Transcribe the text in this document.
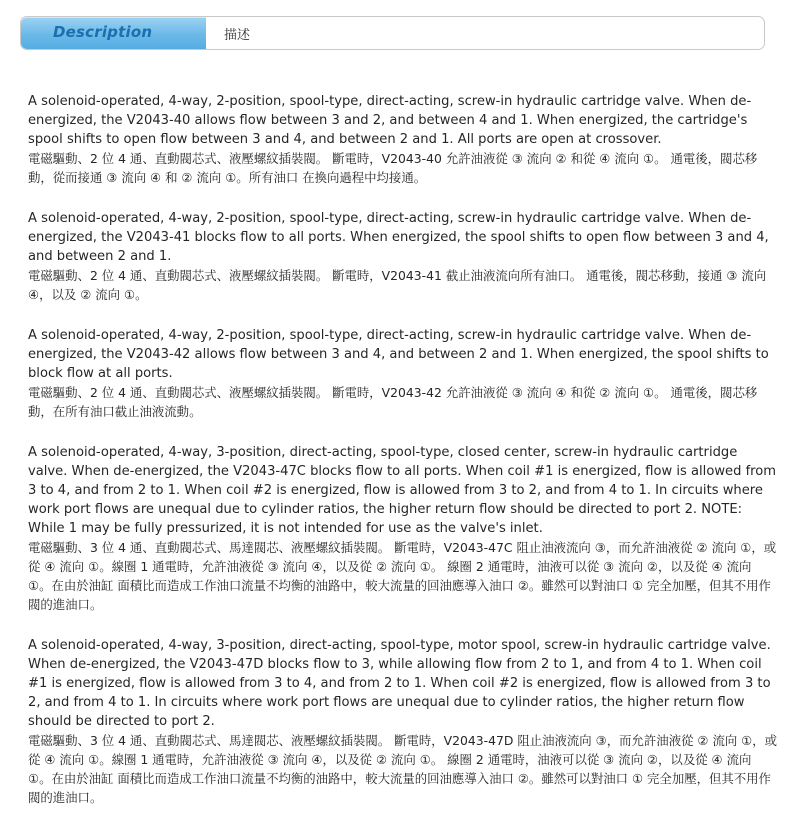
Description	描述

A solenoid-operated, 4-way, 2-position, spool-type, direct-acting, screw-in hydraulic cartridge valve. When de-energized, the V2043-40 allows flow between 3 and 2, and between 4 and 1. When energized, the cartridge's spool shifts to open flow between 3 and 4, and between 2 and 1. All ports are open at crossover.

電磁驅動、2 位 4 通、直動閥芯式、液壓螺紋插裝閥。 斷電時，V2043-40 允許油液從 ③ 流向 ② 和從 ④ 流向 ①。 通電後，閥芯移動，從而接通 ③ 流向 ④ 和 ② 流向 ①。所有油口 在換向過程中均接通。

A solenoid-operated, 4-way, 2-position, spool-type, direct-acting, screw-in hydraulic cartridge valve. When de-energized, the V2043-41 blocks flow to all ports. When energized, the spool shifts to open flow between 3 and 4, and between 2 and 1.

電磁驅動、2 位 4 通、直動閥芯式、液壓螺紋插裝閥。 斷電時，V2043-41 截止油液流向所有油口。 通電後，閥芯移動，接通 ③ 流向 ④，以及 ② 流向 ①。

A solenoid-operated, 4-way, 2-position, spool-type, direct-acting, screw-in hydraulic cartridge valve. When de-energized, the V2043-42 allows flow between 3 and 4, and between 2 and 1. When energized, the spool shifts to block flow at all ports.

電磁驅動、2 位 4 通、直動閥芯式、液壓螺紋插裝閥。 斷電時，V2043-42 允許油液從 ③ 流向 ④ 和從 ② 流向 ①。 通電後，閥芯移動，在所有油口截止油液流動。

A solenoid-operated, 4-way, 3-position, direct-acting, spool-type, closed center, screw-in hydraulic cartridge valve. When de-energized, the V2043-47C blocks flow to all ports. When coil #1 is energized, flow is allowed from 3 to 4, and from 2 to 1. When coil #2 is energized, flow is allowed from 3 to 2, and from 4 to 1. In circuits where work port flows are unequal due to cylinder ratios, the higher return flow should be directed to port 2. NOTE: While 1 may be fully pressurized, it is not intended for use as the valve's inlet.

電磁驅動、3 位 4 通、直動閥芯式、馬達閥芯、液壓螺紋插裝閥。 斷電時，V2043-47C 阻止油液流向 ③，而允許油液從 ② 流向 ①，或從 ④ 流向 ①。線圈 1 通電時，允許油液從 ③ 流向 ④，以及從 ② 流向 ①。 線圈 2 通電時，油液可以從 ③ 流向 ②，以及從 ④ 流向 ①。在由於油缸 面積比而造成工作油口流量不均衡的油路中，較大流量的回油應導入油口 ②。雖然可以對油口 ① 完全加壓，但其不用作閥的進油口。

A solenoid-operated, 4-way, 3-position, direct-acting, spool-type, motor spool, screw-in hydraulic cartridge valve. When de-energized, the V2043-47D blocks flow to 3, while allowing flow from 2 to 1, and from 4 to 1. When coil #1 is energized, flow is allowed from 3 to 4, and from 2 to 1. When coil #2 is energized, flow is allowed from 3 to 2, and from 4 to 1. In circuits where work port flows are unequal due to cylinder ratios, the higher return flow should be directed to port 2.

電磁驅動、3 位 4 通、直動閥芯式、馬達閥芯、液壓螺紋插裝閥。 斷電時，V2043-47D 阻止油液流向 ③，而允許油液從 ② 流向 ①，或從 ④ 流向 ①。線圈 1 通電時，允許油液從 ③ 流向 ④，以及從 ② 流向 ①。 線圈 2 通電時，油液可以從 ③ 流向 ②，以及從 ④ 流向 ①。在由於油缸 面積比而造成工作油口流量不均衡的油路中，較大流量的回油應導入油口 ②。雖然可以對油口 ① 完全加壓，但其不用作閥的進油口。
